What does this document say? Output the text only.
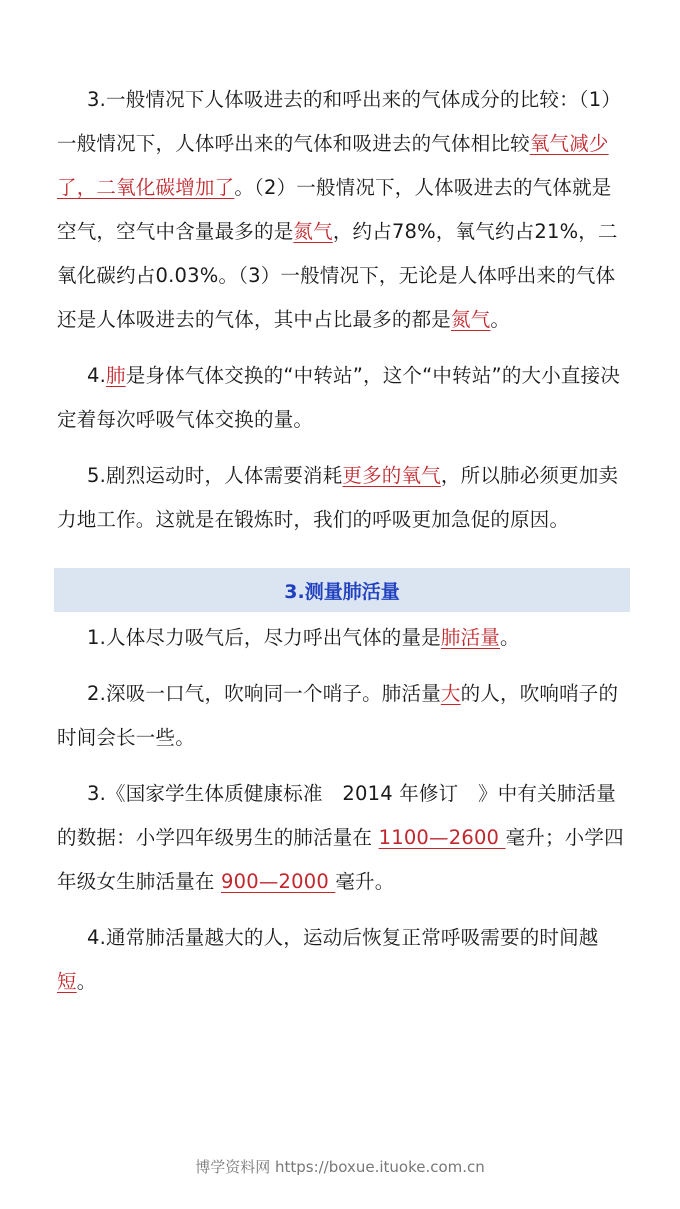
3.一般情况下人体吸进去的和呼出来的气体成分的比较：（1）一般情况下，人体呼出来的气体和吸进去的气体相比较氧气减少了，二氧化碳增加了。（2）一般情况下，人体吸进去的气体就是空气，空气中含量最多的是氮气，约占78%，氧气约占21%，二氧化碳约占0.03%。（3）一般情况下，无论是人体呼出来的气体还是人体吸进去的气体，其中占比最多的都是氮气。

4.肺是身体气体交换的“中转站”，这个“中转站”的大小直接决定着每次呼吸气体交换的量。

5.剧烈运动时，人体需要消耗更多的氧气，所以肺必须更加卖力地工作。这就是在锻炼时，我们的呼吸更加急促的原因。

3.测量肺活量

1.人体尽力吸气后，尽力呼出气体的量是肺活量。

2.深吸一口气，吹响同一个哨子。肺活量大的人，吹响哨子的时间会长一些。

3.《国家学生体质健康标准　2014 年修订　》中有关肺活量的数据：小学四年级男生的肺活量在 1100—2600 毫升；小学四年级女生肺活量在 900—2000 毫升。

4.通常肺活量越大的人，运动后恢复正常呼吸需要的时间越短。

博学资料网 https://boxue.ituoke.com.cn
